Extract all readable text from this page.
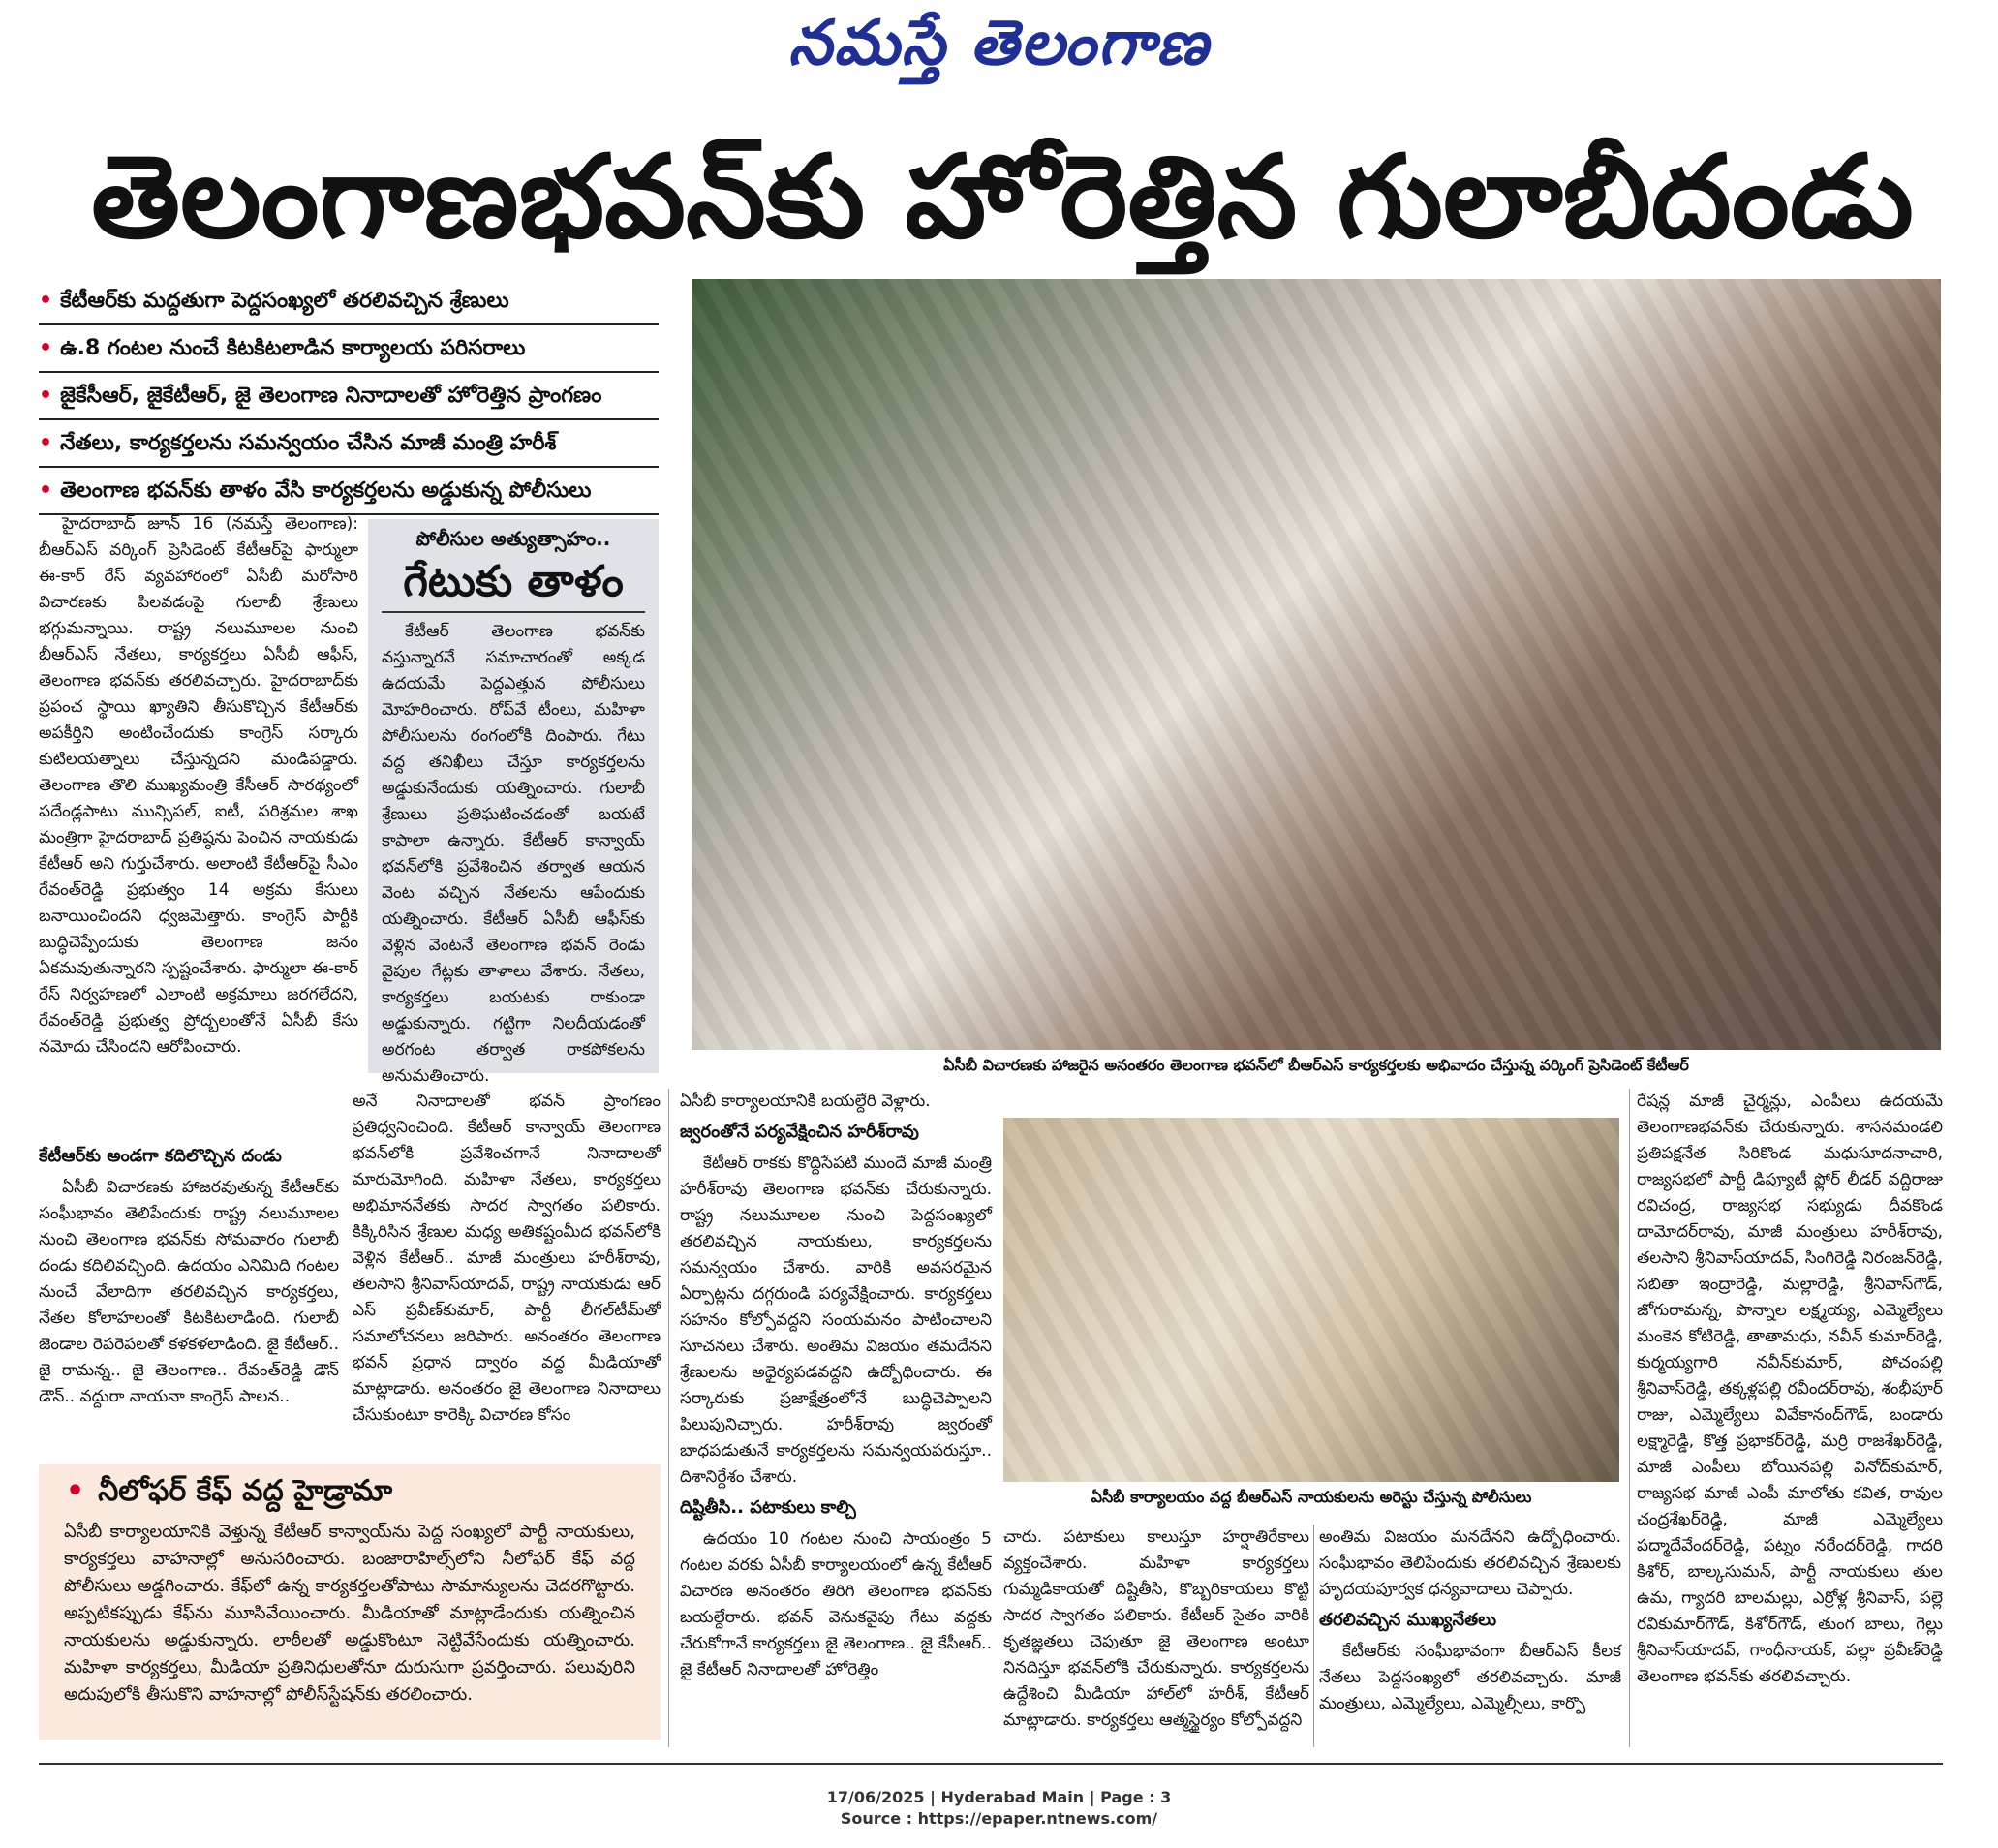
నమస్తే తెలంగాణ
తెలంగాణభవన్‌కు హోరెత్తిన గులాబీదండు
• కేటీఆర్‌కు మద్దతుగా పెద్దసంఖ్యలో తరలివచ్చిన శ్రేణులు
• ఉ.8 గంటల నుంచే కిటకిటలాడిన కార్యాలయ పరిసరాలు
• జైకేసీఆర్, జైకేటీఆర్, జై తెలంగాణ నినాదాలతో హోరెత్తిన ప్రాంగణం
• నేతలు, కార్యకర్తలను సమన్వయం చేసిన మాజీ మంత్రి హరీశ్
• తెలంగాణ భవన్‌కు తాళం వేసి కార్యకర్తలను అడ్డుకున్న పోలీసులు
ఏసీబీ విచారణకు హాజరైన అనంతరం తెలంగాణ భవన్‌లో బీఆర్‌ఎస్ కార్యకర్తలకు అభివాదం చేస్తున్న వర్కింగ్ ప్రెసిడెంట్ కేటీఆర్

హైదరాబాద్ జూన్ 16 (నమస్తే తెలంగాణ): బీఆర్‌ఎస్ వర్కింగ్ ప్రెసిడెంట్ కేటీఆర్‌పై ఫార్ములా ఈ-కార్ రేస్ వ్యవహారంలో ఏసీబీ మరోసారి విచారణకు పిలవడంపై గులాబీ శ్రేణులు భగ్గుమన్నాయి. రాష్ట్ర నలుమూలల నుంచి బీఆర్‌ఎస్ నేతలు, కార్యకర్తలు ఏసీబీ ఆఫీస్, తెలంగాణ భవన్‌కు తరలివచ్చారు. హైదరాబాద్‌కు ప్రపంచ స్థాయి ఖ్యాతిని తీసుకొచ్చిన కేటీఆర్‌కు అపకీర్తిని అంటించేందుకు కాంగ్రెస్ సర్కారు కుటిలయత్నాలు చేస్తున్నదని మండిపడ్డారు. తెలంగాణ తొలి ముఖ్యమంత్రి కేసీఆర్ సారథ్యంలో పదేండ్లపాటు మున్సిపల్, ఐటీ, పరిశ్రమల శాఖ మంత్రిగా హైదరాబాద్ ప్రతిష్ఠను పెంచిన నాయకుడు కేటీఆర్ అని గుర్తుచేశారు. అలాంటి కేటీఆర్‌పై సీఎం రేవంత్‌రెడ్డి ప్రభుత్వం 14 అక్రమ కేసులు బనాయించిందని ధ్వజమెత్తారు. కాంగ్రెస్ పార్టీకి బుద్ధిచెప్పేందుకు తెలంగాణ జనం ఏకమవుతున్నారని స్పష్టంచేశారు. ఫార్ములా ఈ-కార్ రేస్ నిర్వహణలో ఎలాంటి అక్రమాలు జరగలేదని, రేవంత్‌రెడ్డి ప్రభుత్వ ప్రోద్బలంతోనే ఏసీబీ కేసు నమోదు చేసిందని ఆరోపించారు.

కేటీఆర్‌కు అండగా కదిలొచ్చిన దండు

ఏసీబీ విచారణకు హాజరవుతున్న కేటీఆర్‌కు సంఘీభావం తెలిపేందుకు రాష్ట్ర నలుమూలల నుంచి తెలంగాణ భవన్‌కు సోమవారం గులాబీ దండు కదిలివచ్చింది. ఉదయం ఎనిమిది గంటల నుంచే వేలాదిగా తరలివచ్చిన కార్యకర్తలు, నేతల కోలాహలంతో కిటకిటలాడింది. గులాబీ జెండాల రెపరెపలతో కళకళలాడింది. జై కేటీఆర్.. జై రామన్న.. జై తెలంగాణ.. రేవంత్‌రెడ్డి డౌన్ డౌన్.. వద్దురా నాయనా కాంగ్రెస్ పాలన..

పోలీసుల అత్యుత్సాహం..
గేటుకు తాళం

కేటీఆర్ తెలంగాణ భవన్‌కు వస్తున్నారనే సమాచారంతో అక్కడ ఉదయమే పెద్దఎత్తున పోలీసులు మోహరించారు. రోప్‌వే టీంలు, మహిళా పోలీసులను రంగంలోకి దింపారు. గేటు వద్ద తనిఖీలు చేస్తూ కార్యకర్తలను అడ్డుకునేందుకు యత్నించారు. గులాబీ శ్రేణులు ప్రతిఘటించడంతో బయటే కాపాలా ఉన్నారు. కేటీఆర్ కాన్వాయ్ భవన్‌లోకి ప్రవేశించిన తర్వాత ఆయన వెంట వచ్చిన నేతలను ఆపేందుకు యత్నించారు. కేటీఆర్ ఏసీబీ ఆఫీస్‌కు వెళ్లిన వెంటనే తెలంగాణ భవన్ రెండు వైపుల గేట్లకు తాళాలు వేశారు. నేతలు, కార్యకర్తలు బయటకు రాకుండా అడ్డుకున్నారు. గట్టిగా నిలదీయడంతో అరగంట తర్వాత రాకపోకలను అనుమతించారు.

అనే నినాదాలతో భవన్ ప్రాంగణం ప్రతిధ్వనించింది. కేటీఆర్ కాన్వాయ్ తెలంగాణ భవన్‌లోకి ప్రవేశించగానే నినాదాలతో మారుమోగింది. మహిళా నేతలు, కార్యకర్తలు అభిమాననేతకు సాదర స్వాగతం పలికారు. కిక్కిరిసిన శ్రేణుల మధ్య అతికష్టంమీద భవన్‌లోకి వెళ్లిన కేటీఆర్.. మాజీ మంత్రులు హరీశ్‌రావు, తలసాని శ్రీనివాస్‌యాదవ్, రాష్ట్ర నాయకుడు ఆర్ ఎస్ ప్రవీణ్‌కుమార్, పార్టీ లీగల్‌టీమ్‌తో సమాలోచనలు జరిపారు. అనంతరం తెలంగాణ భవన్ ప్రధాన ద్వారం వద్ద మీడియాతో మాట్లాడారు. అనంతరం జై తెలంగాణ నినాదాలు చేసుకుంటూ కారెక్కి విచారణ కోసం

ఏసీబీ కార్యాలయానికి బయల్దేరి వెళ్లారు.

జ్వరంతోనే పర్యవేక్షించిన హరీశ్‌రావు

కేటీఆర్ రాకకు కొద్దిసేపటి ముందే మాజీ మంత్రి హరీశ్‌రావు తెలంగాణ భవన్‌కు చేరుకున్నారు. రాష్ట్ర నలుమూలల నుంచి పెద్దసంఖ్యలో తరలివచ్చిన నాయకులు, కార్యకర్తలను సమన్వయం చేశారు. వారికి అవసరమైన ఏర్పాట్లను దగ్గరుండి పర్యవేక్షించారు. కార్యకర్తలు సహనం కోల్పోవద్దని సంయమనం పాటించాలని సూచనలు చేశారు. అంతిమ విజయం తమదేనని శ్రేణులను అధైర్యపడవద్దని ఉద్బోధించారు. ఈ సర్కారుకు ప్రజాక్షేత్రంలోనే బుద్ధిచెప్పాలని పిలుపునిచ్చారు. హరీశ్‌రావు జ్వరంతో బాధపడుతునే కార్యకర్తలను సమన్వయపరుస్తూ.. దిశానిర్దేశం చేశారు.

దిష్టితీసి.. పటాకులు కాల్చి

ఉదయం 10 గంటల నుంచి సాయంత్రం 5 గంటల వరకు ఏసీబీ కార్యాలయంలో ఉన్న కేటీఆర్ విచారణ అనంతరం తిరిగి తెలంగాణ భవన్‌కు బయల్దేరారు. భవన్ వెనుకవైపు గేటు వద్దకు చేరుకోగానే కార్యకర్తలు జై తెలంగాణ.. జై కేసీఆర్.. జై కేటీఆర్ నినాదాలతో హోరెత్తిం

ఏసీబీ కార్యాలయం వద్ద బీఆర్‌ఎస్ నాయకులను అరెస్టు చేస్తున్న పోలీసులు

చారు. పటాకులు కాలుస్తూ హర్షాతిరేకాలు వ్యక్తంచేశారు. మహిళా కార్యకర్తలు గుమ్మడికాయతో దిష్టితీసి, కొబ్బరికాయలు కొట్టి సాదర స్వాగతం పలికారు. కేటీఆర్ సైతం వారికి కృతజ్ఞతలు చెపుతూ జై తెలంగాణ అంటూ నినదిస్తూ భవన్‌లోకి చేరుకున్నారు. కార్యకర్తలను ఉద్దేశించి మీడియా హాల్‌లో హరీశ్, కేటీఆర్ మాట్లాడారు. కార్యకర్తలు ఆత్మస్థైర్యం కోల్పోవద్దని

అంతిమ విజయం మనదేనని ఉద్బోధించారు. సంఘీభావం తెలిపేందుకు తరలివచ్చిన శ్రేణులకు హృదయపూర్వక ధన్యవాదాలు చెప్పారు.

తరలివచ్చిన ముఖ్యనేతలు

కేటీఆర్‌కు సంఘీభావంగా బీఆర్‌ఎస్ కీలక నేతలు పెద్దసంఖ్యలో తరలివచ్చారు. మాజీ మంత్రులు, ఎమ్మెల్యేలు, ఎమ్మెల్సీలు, కార్పొ

రేషన్ల మాజీ చైర్మన్లు, ఎంపీలు ఉదయమే తెలంగాణభవన్‌కు చేరుకున్నారు. శాసనమండలి ప్రతిపక్షనేత సిరికొండ మధుసూదనాచారి, రాజ్యసభలో పార్టీ డిప్యూటీ ఫ్లోర్ లీడర్ వద్దిరాజు రవిచంద్ర, రాజ్యసభ సభ్యుడు దీవకొండ దామోదర్‌రావు, మాజీ మంత్రులు హరీశ్‌రావు, తలసాని శ్రీనివాస్‌యాదవ్, సింగిరెడ్డి నిరంజన్‌రెడ్డి, సబితా ఇంద్రారెడ్డి, మల్లారెడ్డి, శ్రీనివాస్‌గౌడ్, జోగురామన్న, పొన్నాల లక్ష్మయ్య, ఎమ్మెల్యేలు మంకెన కోటిరెడ్డి, తాతామధు, నవీన్ కుమార్‌రెడ్డి, కుర్మయ్యగారి నవీన్‌కుమార్, పోచంపల్లి శ్రీనివాస్‌రెడ్డి, తక్కళ్లపల్లి రవీందర్‌రావు, శంభీపూర్ రాజు, ఎమ్మెల్యేలు వివేకానంద్‌గౌడ్, బండారు లక్ష్మారెడ్డి, కొత్త ప్రభాకర్‌రెడ్డి, మర్రి రాజశేఖర్‌రెడ్డి, మాజీ ఎంపీలు బోయినపల్లి వినోద్‌కుమార్, రాజ్యసభ మాజీ ఎంపీ మాలోతు కవిత, రావుల చంద్రశేఖర్‌రెడ్డి, మాజీ ఎమ్మెల్యేలు పద్మాదేవేందర్‌రెడ్డి, పట్నం నరేందర్‌రెడ్డి, గాదరి కిశోర్, బాల్కసుమన్, పార్టీ నాయకులు తుల ఉమ, గ్యాదరి బాలమల్లు, ఎర్రోళ్ల శ్రీనివాస్, పల్లె రవికుమార్‌గౌడ్, కిశోర్‌గౌడ్, తుంగ బాలు, గెల్లు శ్రీనివాస్‌యాదవ్, గాంధీనాయక్, పల్లా ప్రవీణ్‌రెడ్డి తెలంగాణ భవన్‌కు తరలివచ్చారు.

• నీలోఫర్ కేఫ్ వద్ద హైడ్రామా
ఏసీబీ కార్యాలయానికి వెళ్తున్న కేటీఆర్ కాన్వాయ్‌ను పెద్ద సంఖ్యలో పార్టీ నాయకులు, కార్యకర్తలు వాహనాల్లో అనుసరించారు. బంజారాహిల్స్‌లోని నీలోఫర్ కేఫ్ వద్ద పోలీసులు అడ్డగించారు. కేఫ్‌లో ఉన్న కార్యకర్తలతోపాటు సామాన్యులను చెదరగొట్టారు. అప్పటికప్పుడు కేఫ్‌ను మూసివేయించారు. మీడియాతో మాట్లాడేందుకు యత్నించిన నాయకులను అడ్డుకున్నారు. లాఠీలతో అడ్డుకొంటూ నెట్టివేసేందుకు యత్నించారు. మహిళా కార్యకర్తలు, మీడియా ప్రతినిధులతోనూ దురుసుగా ప్రవర్తించారు. పలువురిని అదుపులోకి తీసుకొని వాహనాల్లో పోలీస్‌స్టేషన్‌కు తరలించారు.
17/06/2025 | Hyderabad Main | Page : 3
Source : https://epaper.ntnews.com/
